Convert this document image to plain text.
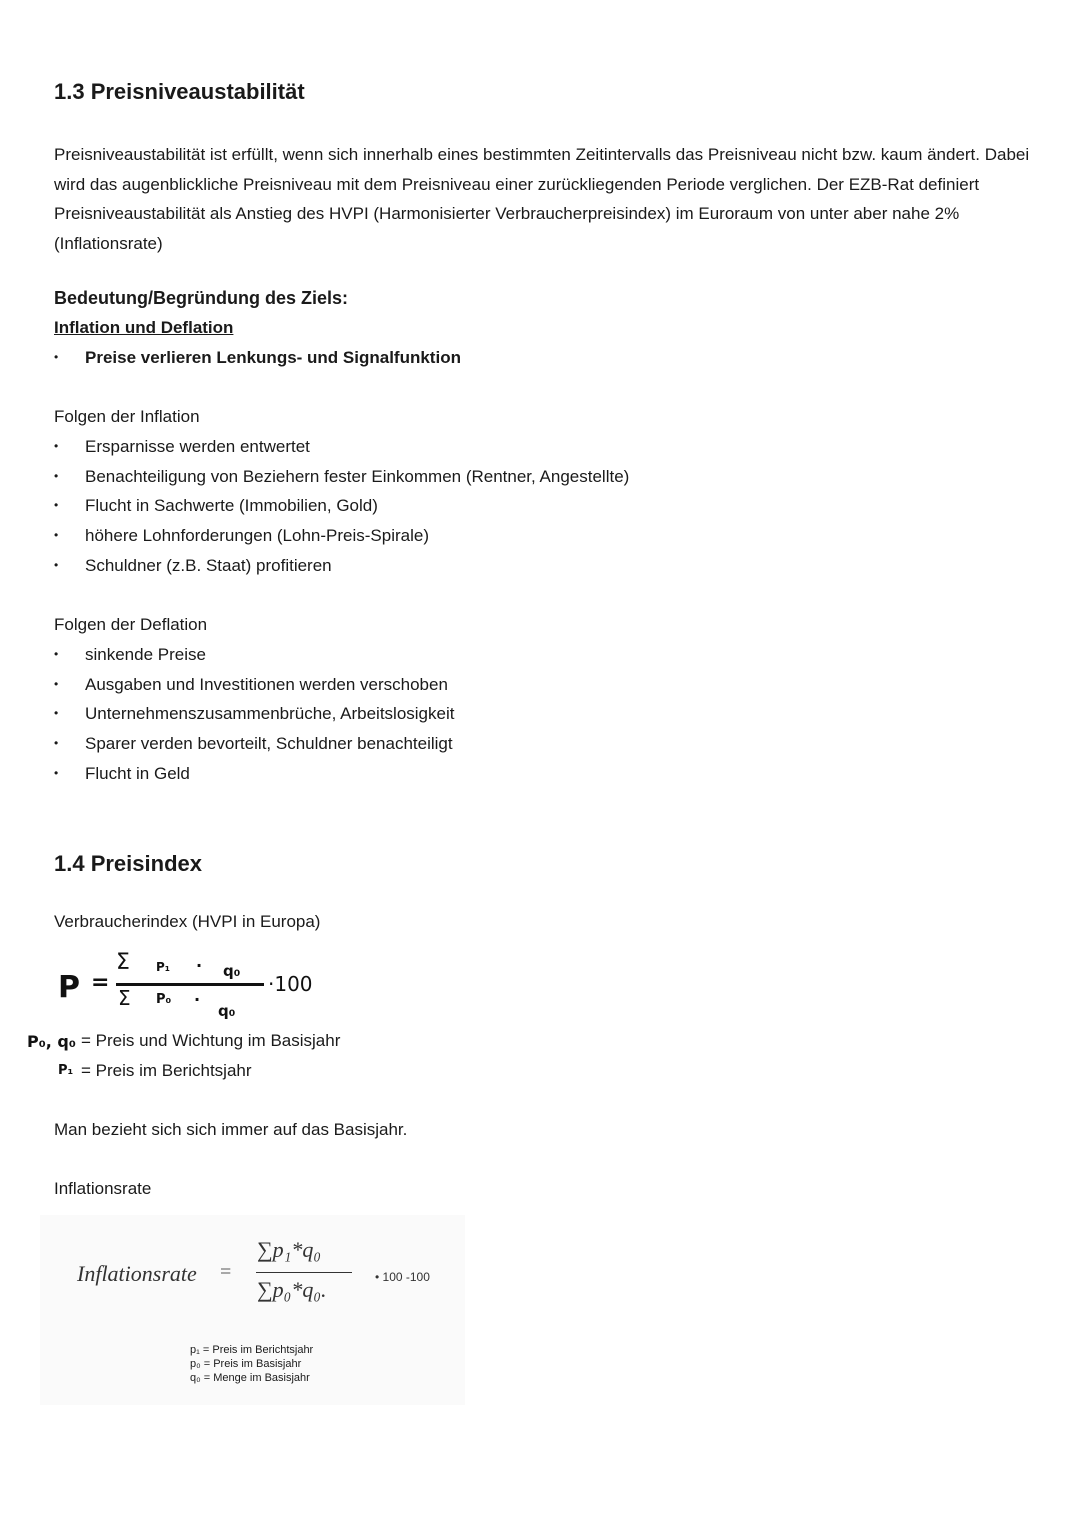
1.3 Preisniveaustabilität
Preisniveaustabilität ist erfüllt, wenn sich innerhalb eines bestimmten Zeitintervalls das Preisniveau nicht bzw. kaum ändert. Dabei wird das augenblickliche Preisniveau mit dem Preisniveau einer zurückliegenden Periode verglichen. Der EZB-Rat definiert Preisniveaustabilität als Anstieg des HVPI (Harmonisierter Verbraucherpreisindex) im Euroraum von unter aber nahe 2% (Inflationsrate)
Bedeutung/Begründung des Ziels:
Inflation und Deflation
• Preise verlieren Lenkungs- und Signalfunktion
Folgen der Inflation
• Ersparnisse werden entwertet
• Benachteiligung von Beziehern fester Einkommen (Rentner, Angestellte)
• Flucht in Sachwerte (Immobilien, Gold)
• höhere Lohnforderungen (Lohn-Preis-Spirale)
• Schuldner (z.B. Staat) profitieren
Folgen der Deflation
• sinkende Preise
• Ausgaben und Investitionen werden verschoben
• Unternehmenszusammenbrüche, Arbeitslosigkeit
• Sparer verden bevorteilt, Schuldner benachteiligt
• Flucht in Geld
1.4 Preisindex
Verbraucherindex (HVPI in Europa)
P =
Σ P₁ · q₀
·100
Σ P₀ ·
q₀
P₀, q₀ = Preis und Wichtung im Basisjahr
P₁ = Preis im Berichtsjahr
Man bezieht sich sich immer auf das Basisjahr.
Inflationsrate
Inflationsrate =
∑p₁*q₀
∑p₀*q₀.	• 100 -100
p₁ = Preis im Berichtsjahr
p₀ = Preis im Basisjahr
q₀ = Menge im Basisjahr
